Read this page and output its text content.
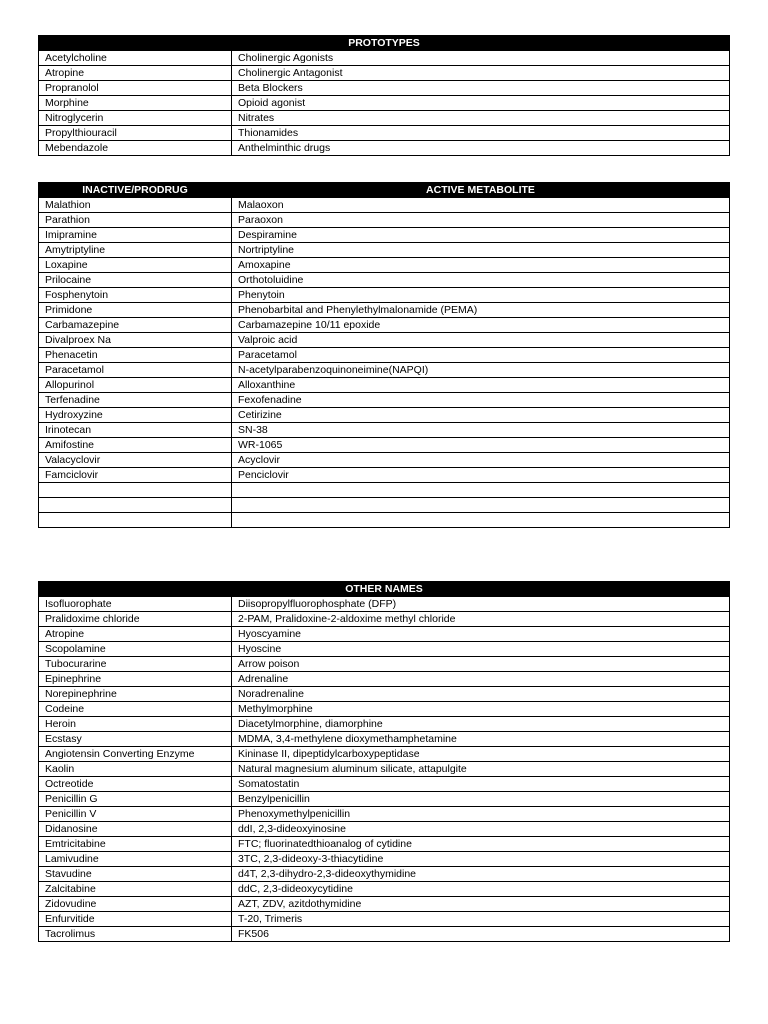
PROTOTYPES	
Acetylcholine	Cholinergic Agonists
Atropine	Cholinergic Antagonist
Propranolol	Beta Blockers
Morphine	Opioid agonist
Nitroglycerin	Nitrates
Propylthiouracil	Thionamides
Mebendazole	Anthelminthic drugs
INACTIVE/PRODRUG	ACTIVE METABOLITE
Malathion	Malaoxon
Parathion	Paraoxon
Imipramine	Despiramine
Amytriptyline	Nortriptyline
Loxapine	Amoxapine
Prilocaine	Orthotoluidine
Fosphenytoin	Phenytoin
Primidone	Phenobarbital and Phenylethylmalonamide (PEMA)
Carbamazepine	Carbamazepine 10/11 epoxide
Divalproex Na	Valproic acid
Phenacetin	Paracetamol
Paracetamol	N-acetylparabenzoquinoneimine(NAPQI)
Allopurinol	Alloxanthine
Terfenadine	Fexofenadine
Hydroxyzine	Cetirizine
Irinotecan	SN-38
Amifostine	WR-1065
Valacyclovir	Acyclovir
Famciclovir	Penciclovir

OTHER NAMES	
Isofluorophate	Diisopropylfluorophosphate (DFP)
Pralidoxime chloride	2-PAM, Pralidoxine-2-aldoxime methyl chloride
Atropine	Hyoscyamine
Scopolamine	Hyoscine
Tubocurarine	Arrow poison
Epinephrine	Adrenaline
Norepinephrine	Noradrenaline
Codeine	Methylmorphine
Heroin	Diacetylmorphine, diamorphine
Ecstasy	MDMA, 3,4-methylene dioxymethamphetamine
Angiotensin Converting Enzyme	Kininase II, dipeptidylcarboxypeptidase
Kaolin	Natural magnesium aluminum silicate, attapulgite
Octreotide	Somatostatin
Penicillin G	Benzylpenicillin
Penicillin V	Phenoxymethylpenicillin
Didanosine	ddI, 2,3-dideoxyinosine
Emtricitabine	FTC; fluorinatedthioanalog of cytidine
Lamivudine	3TC, 2,3-dideoxy-3-thiacytidine
Stavudine	d4T, 2,3-dihydro-2,3-dideoxythymidine
Zalcitabine	ddC, 2,3-dideoxycytidine
Zidovudine	AZT, ZDV, azitdothymidine
Enfurvitide	T-20, Trimeris
Tacrolimus	FK506
